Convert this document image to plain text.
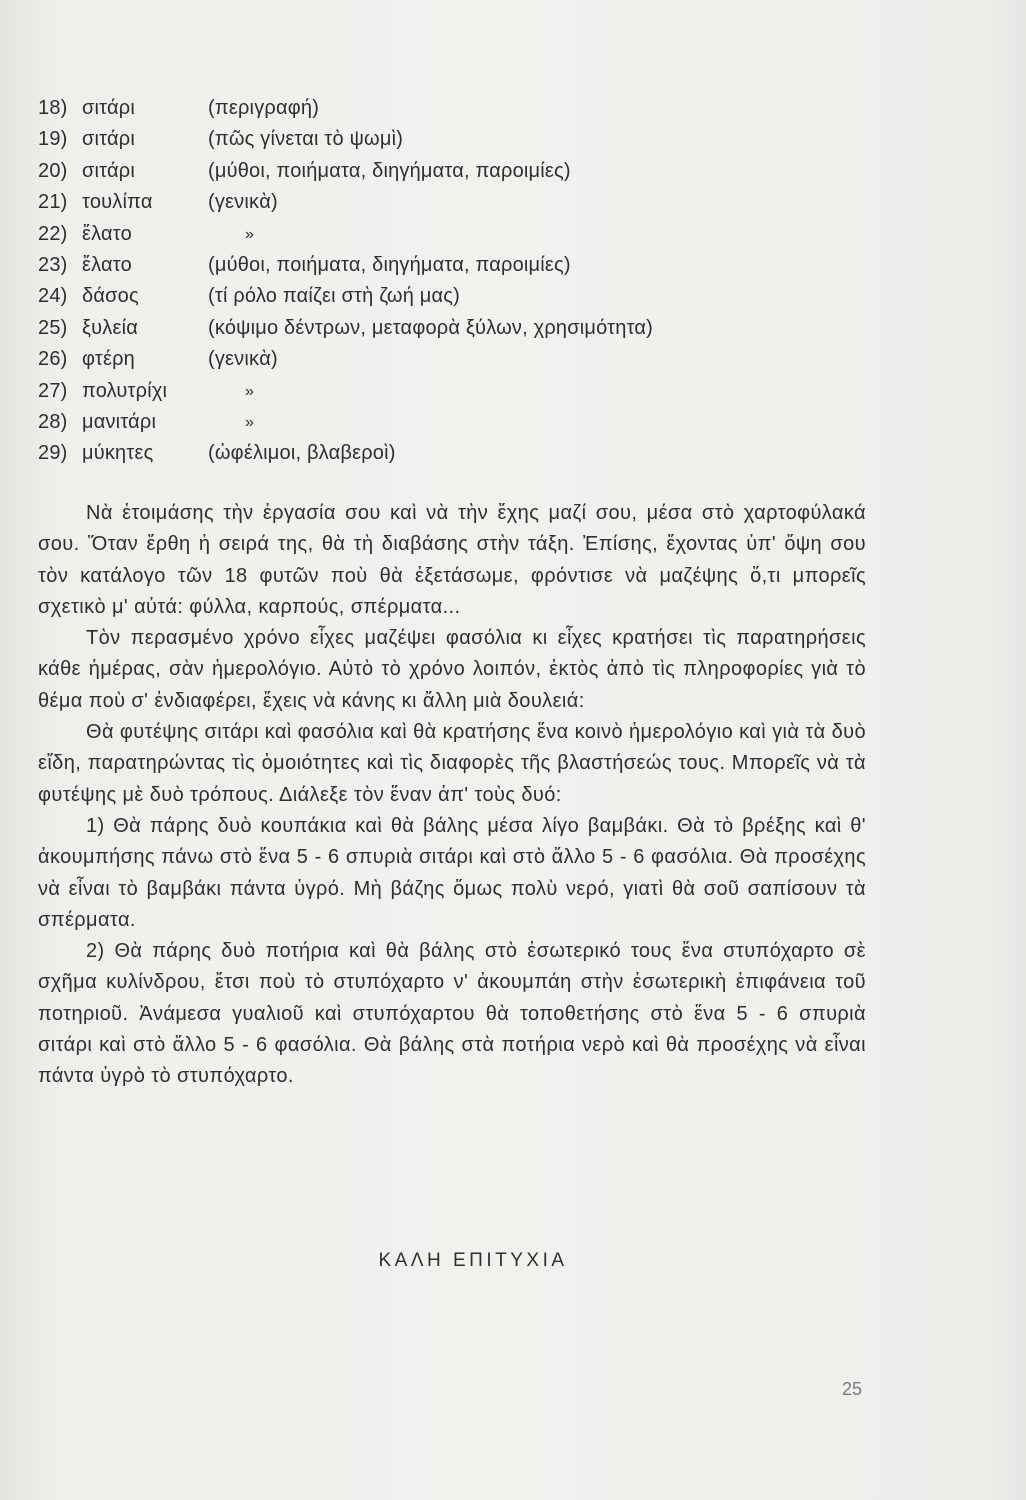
18) σιτάρι	(περιγραφή)
19) σιτάρι	(πῶς γίνεται τὸ ψωμὶ)
20) σιτάρι	(μύθοι, ποιήματα, διηγήματα, παροιμίες)
21) τουλίπα	(γενικὰ)
22) ἔλατο	»
23) ἔλατο	(μύθοι, ποιήματα, διηγήματα, παροιμίες)
24) δάσος	(τί ρόλο παίζει στὴ ζωή μας)
25) ξυλεία	(κόψιμο δέντρων, μεταφορὰ ξύλων, χρησιμότητα)
26) φτέρη	(γενικὰ)
27) πολυτρίχι	»
28) μανιτάρι	»
29) μύκητες	(ὠφέλιμοι, βλαβεροὶ)

Νὰ ἑτοιμάσης τὴν ἐργασία σου καὶ νὰ τὴν ἔχης μαζί σου, μέσα στὸ χαρτοφύλακά σου. Ὅταν ἔρθη ἡ σειρά της, θὰ τὴ διαβάσης στὴν τάξη. Ἐπίσης, ἔχοντας ὑπ' ὄψη σου τὸν κατάλογο τῶν 18 φυτῶν ποὺ θὰ ἐξετάσωμε, φρόντισε νὰ μαζέψης ὅ,τι μπορεῖς σχετικὸ μ' αὐτά: φύλλα, καρπούς, σπέρματα...

Τὸν περασμένο χρόνο εἶχες μαζέψει φασόλια κι εἶχες κρατήσει τὶς παρατηρήσεις κάθε ἡμέρας, σὰν ἡμερολόγιο. Αὐτὸ τὸ χρόνο λοιπόν, ἐκτὸς ἀπὸ τὶς πληροφορίες γιὰ τὸ θέμα ποὺ σ' ἐνδιαφέρει, ἔχεις νὰ κάνης κι ἄλλη μιὰ δουλειά:

Θὰ φυτέψης σιτάρι καὶ φασόλια καὶ θὰ κρατήσης ἕνα κοινὸ ἡμερολόγιο καὶ γιὰ τὰ δυὸ εἴδη, παρατηρώντας τὶς ὁμοιότητες καὶ τὶς διαφορὲς τῆς βλαστήσεώς τους. Μπορεῖς νὰ τὰ φυτέψης μὲ δυὸ τρόπους. Διάλεξε τὸν ἕναν ἀπ' τοὺς δυό:

1) Θὰ πάρης δυὸ κουπάκια καὶ θὰ βάλης μέσα λίγο βαμβάκι. Θὰ τὸ βρέξης καὶ θ' ἀκουμπήσης πάνω στὸ ἕνα 5 - 6 σπυριὰ σιτάρι καὶ στὸ ἄλλο 5 - 6 φασόλια. Θὰ προσέχης νὰ εἶναι τὸ βαμβάκι πάντα ὑγρό. Μὴ βάζης ὅμως πολὺ νερό, γιατὶ θὰ σοῦ σαπίσουν τὰ σπέρματα.

2) Θὰ πάρης δυὸ ποτήρια καὶ θὰ βάλης στὸ ἐσωτερικό τους ἕνα στυπόχαρτο σὲ σχῆμα κυλίνδρου, ἔτσι ποὺ τὸ στυπόχαρτο ν' ἀκουμπάη στὴν ἐσωτερικὴ ἐπιφάνεια τοῦ ποτηριοῦ. Ἀνάμεσα γυαλιοῦ καὶ στυπόχαρτου θὰ τοποθετήσης στὸ ἕνα 5 - 6 σπυριὰ σιτάρι καὶ στὸ ἄλλο 5 - 6 φασόλια. Θὰ βάλης στὰ ποτήρια νερὸ καὶ θὰ προσέχης νὰ εἶναι πάντα ὑγρὸ τὸ στυπόχαρτο.

ΚΑΛΗ ΕΠΙΤΥΧΙΑ
25
